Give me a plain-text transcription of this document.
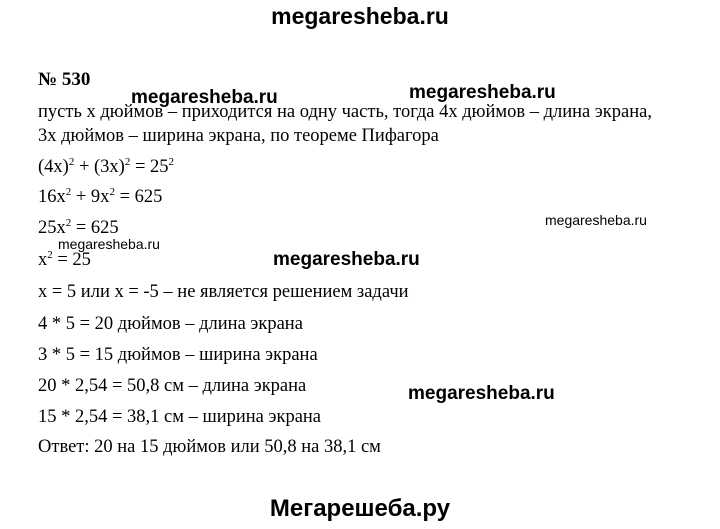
megaresheba.ru
№ 530
пусть х дюймов – приходится на одну часть, тогда 4х дюймов – длина экрана,
3х дюймов – ширина экрана, по теореме Пифагора
$(4x)^2 + (3x)^2 = 25^2$
$16x^2 + 9x^2 = 625$
$25x^2 = 625$
$x^2 = 25$
x = 5 или x = -5 – не является решением задачи
4 * 5 = 20 дюймов – длина экрана
3 * 5 = 15 дюймов – ширина экрана
20 * 2,54 = 50,8 см – длина экрана
15 * 2,54 = 38,1 см – ширина экрана
Ответ: 20 на 15 дюймов или 50,8 на 38,1 см
megaresheba.ru	megaresheba.ru
megaresheba.ru
megaresheba.ru
megaresheba.ru
megaresheba.ru
Мегарешеба.ру
